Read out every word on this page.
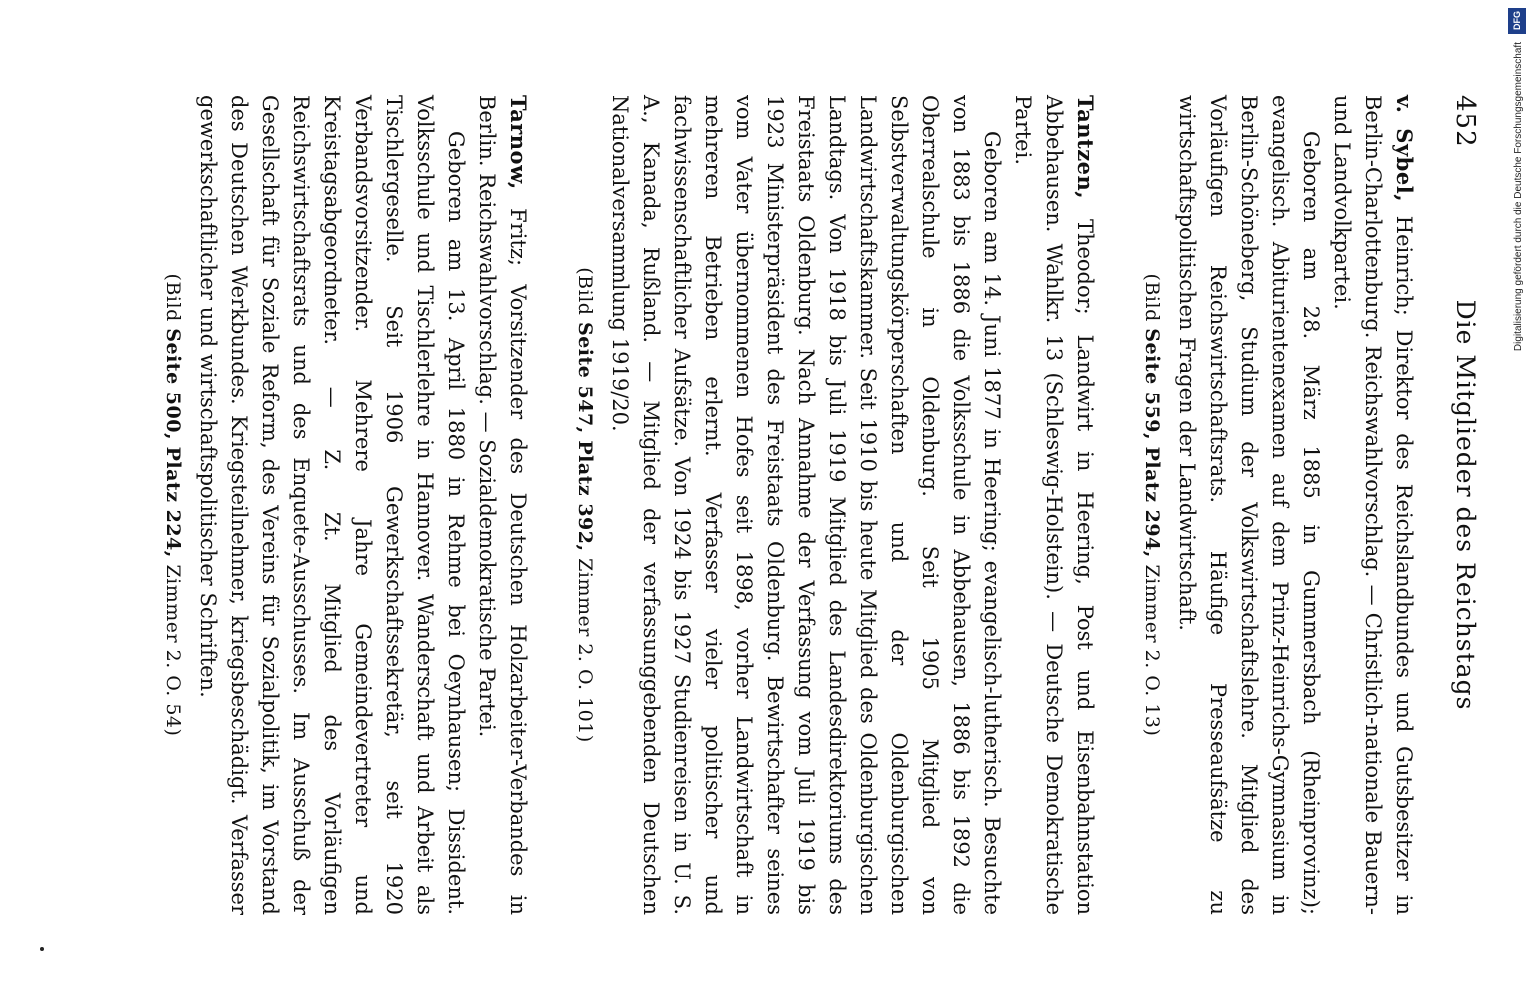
452
Die Mitglieder des Reichstags

v. Sybel, Heinrich; Direktor des Reichslandbundes und Gutsbesitzer in Berlin-Charlottenburg. Reichswahlvorschlag. — Christlich-nationale Bauern- und Landvolkpartei.

Geboren am 28. März 1885 in Gummersbach (Rheinprovinz); evangelisch. Abiturientenexamen auf dem Prinz-Heinrichs-Gymnasium in Berlin-Schöneberg, Studium der Volkswirtschaftslehre. Mitglied des Vorläufigen Reichswirtschaftsrats. Häufige Presseaufsätze zu wirtschaftspolitischen Fragen der Landwirtschaft.

(Bild Seite 559, Platz 294, Zimmer 2. O. 13)

Tantzen, Theodor; Landwirt in Heering, Post und Eisenbahnstation Abbehausen. Wahlkr. 13 (Schleswig-Holstein). — Deutsche Demokratische Partei.

Geboren am 14. Juni 1877 in Heering; evangelisch-lutherisch. Besuchte von 1883 bis 1886 die Volksschule in Abbehausen, 1886 bis 1892 die Oberrealschule in Oldenburg. Seit 1905 Mitglied von Selbstverwaltungskörperschaften und der Oldenburgischen Landwirtschaftskammer. Seit 1910 bis heute Mitglied des Oldenburgischen Landtags. Von 1918 bis Juli 1919 Mitglied des Landesdirektoriums des Freistaats Oldenburg. Nach Annahme der Verfassung vom Juli 1919 bis 1923 Ministerpräsident des Freistaats Oldenburg. Bewirtschafter seines vom Vater übernommenen Hofes seit 1898, vorher Landwirtschaft in mehreren Betrieben erlernt. Verfasser vieler politischer und fachwissenschaftlicher Aufsätze. Von 1924 bis 1927 Studienreisen in U. S. A., Kanada, Rußland. — Mitglied der verfassunggebenden Deutschen Nationalversammlung 1919/20.

(Bild Seite 547, Platz 392, Zimmer 2. O. 101)

Tarnow, Fritz; Vorsitzender des Deutschen Holzarbeiter-Verbandes in Berlin. Reichswahlvorschlag. — Sozialdemokratische Partei.

Geboren am 13. April 1880 in Rehme bei Oeynhausen; Dissident. Volksschule und Tischlerlehre in Hannover. Wanderschaft und Arbeit als Tischlergeselle. Seit 1906 Gewerkschaftssekretär, seit 1920 Verbandsvorsitzender. Mehrere Jahre Gemeindevertreter und Kreistagsabgeordneter. — Z. Zt. Mitglied des Vorläufigen Reichswirtschaftsrats und des Enquete-Ausschusses. Im Ausschuß der Gesellschaft für Soziale Reform, des Vereins für Sozialpolitik, im Vorstand des Deutschen Werkbundes. Kriegsteilnehmer, kriegsbeschädigt. Verfasser gewerkschaftlicher und wirtschaftspolitischer Schriften.

(Bild Seite 500, Platz 224, Zimmer 2. O. 54)
DFG
Digitalisierung gefördert durch die Deutsche Forschungsgemeinschaft
